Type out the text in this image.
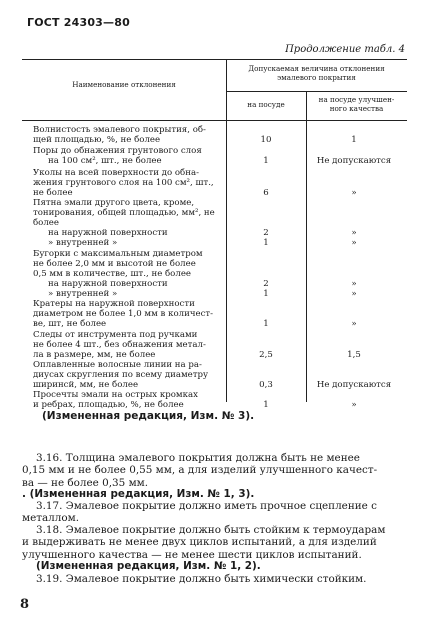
ГОСТ 24303—80
Продолжение табл. 4
Наименование отклонения
Допускаемая величина отклонения
эмалевого покрытия
на посуде
на посуде улучшен-
ного качества
Волнистость эмалевого покрытия, об-
щей площадью, %, не более	10	1
Поры до обнажения грунтового слоя
на 100 см², шт., не более	1	Не допускаются
Уколы на всей поверхности до обна-
жения грунтового слоя на 100 см², шт.,
не более	6	»
Пятна эмали другого цвета, кроме,
тонирования, общей площадью, мм², не
более
на наружной поверхности	2	»
» внутренней »	1	»
Бугорки с максимальным диаметром
не более 2,0 мм и высотой не более
0,5 мм в количестве, шт., не более
на наружной поверхности	2	»
» внутренней »	1	»
Кратеры на наружной поверхности
диаметром не более 1,0 мм в количест-
ве, шт, не более	1	»
Следы от инструмента под ручками
не более 4 шт., без обнажения метал-
ла в размере, мм, не более	2,5	1,5
Оплавленные волосные линии на ра-
диусах скругления по всему диаметру
ширинсй, мм, не более	0,3	Не допускаются
Просечты эмали на острых кромках
и ребрах, площадью, %, не более	1	»
(Измененная редакция, Изм. № 3).
3.16. Толщина эмалевого покрытия должна быть не менее
0,15 мм и не более 0,55 мм, а для изделий улучшенного качест-
ва — не более 0,35 мм.
. (Измененная редакция, Изм. № 1, 3).
3.17. Эмалевое покрытие должно иметь прочное сцепление с
металлом.
3.18. Эмалевое покрытие должно быть стойким к термоударам
и выдерживать не менее двух циклов испытаний, а для изделий
улучшенного качества — не менее шести циклов испытаний.
(Измененная редакция, Изм. № 1, 2).
3.19. Эмалевое покрытие должно быть химически стойким.
8
